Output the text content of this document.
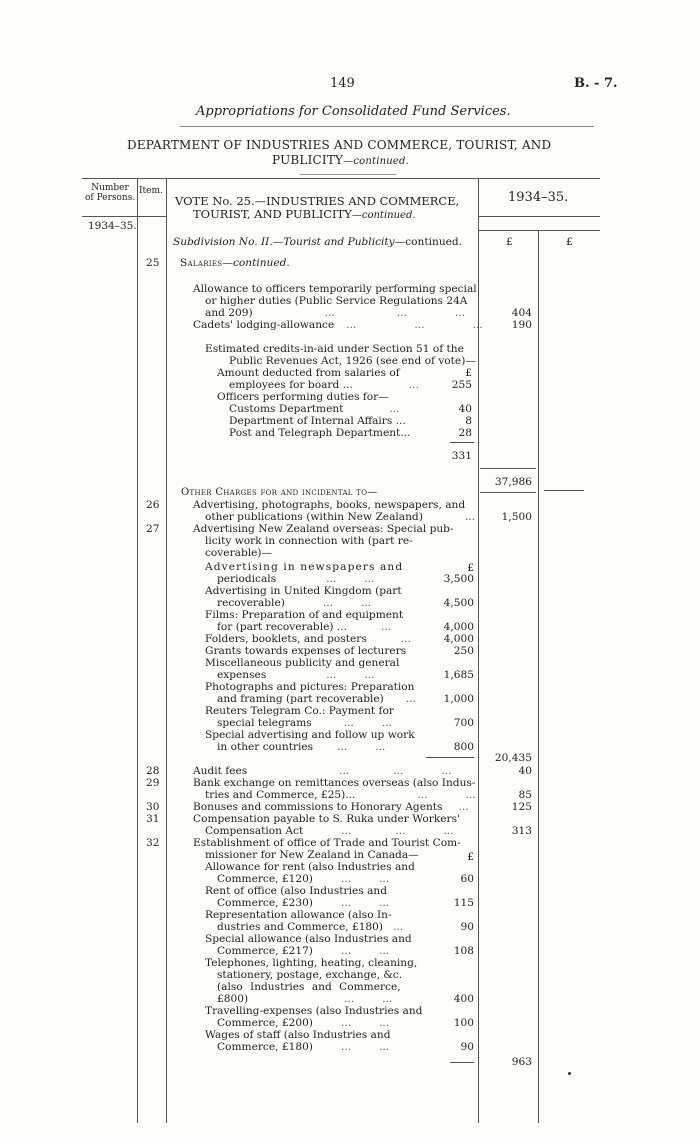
149	B. - 7.
Appropriations for Consolidated Fund Services.
DEPARTMENT OF INDUSTRIES AND COMMERCE, TOURIST, AND
PUBLICITY—continued.
Number
of Persons.
Item.
VOTE No. 25.—INDUSTRIES AND COMMERCE,
TOURIST, AND PUBLICITY—continued.
1934–35.
1934–35.
£	£
Subdivision No. II.—Tourist and Publicity—continued.
25 Salaries—continued.
Allowance to officers temporarily performing special
or higher duties (Public Service Regulations 24A
and 209)	...	...	...	404
Cadets' lodging-allowance ...	...	...	190
Estimated credits-in-aid under Section 51 of the
Public Revenues Act, 1926 (see end of vote)—
Amount deducted from salaries of	£
employees for board ...	...	255
Officers performing duties for—
Customs Department	...	40
Department of Internal Affairs ...	8
Post and Telegraph Department...	28
331
37,986
Other Charges for and incidental to—
26	Advertising, photographs, books, newspapers, and
other publications (within New Zealand)	...	1,500
27	Advertising New Zealand overseas: Special pub-
licity work in connection with (part re-
coverable)—
£
Advertising in newspapers and
periodicals	...	...	3,500
Advertising in United Kingdom (part
recoverable)	...	...	4,500
Films: Preparation of and equipment
for (part recoverable) ...	...	4,000
Folders, booklets, and posters	...	4,000
Grants towards expenses of lecturers	250
Miscellaneous publicity and general
expenses	...	...	1,685
Photographs and pictures: Preparation
and framing (part recoverable) ...	1,000
Reuters Telegram Co.: Payment for
special telegrams	...	...	700
Special advertising and follow up work
in other countries ...	...	800
20,435
28	Audit fees	...	...	...	40
29	Bank exchange on remittances overseas (also Indus-
tries and Commerce, £25)...	...	...	85
30	Bonuses and commissions to Honorary Agents ...	125
31	Compensation payable to S. Ruka under Workers'
Compensation Act	...	...	...	313
32	Establishment of office of Trade and Tourist Com-
missioner for New Zealand in Canada—	£
Allowance for rent (also Industries and
Commerce, £120)	...	...	60
Rent of office (also Industries and
Commerce, £230)	...	...	115
Representation allowance (also In-
dustries and Commerce, £180) ...	90
Special allowance (also Industries and
Commerce, £217)	...	...	108
Telephones, lighting, heating, cleaning,
stationery, postage, exchange, &c.
(also Industries and Commerce,
£800)	...	...	400
Travelling-expenses (also Industries and
Commerce, £200)	...	...	100
Wages of staff (also Industries and
Commerce, £180)	...	...	90
963
